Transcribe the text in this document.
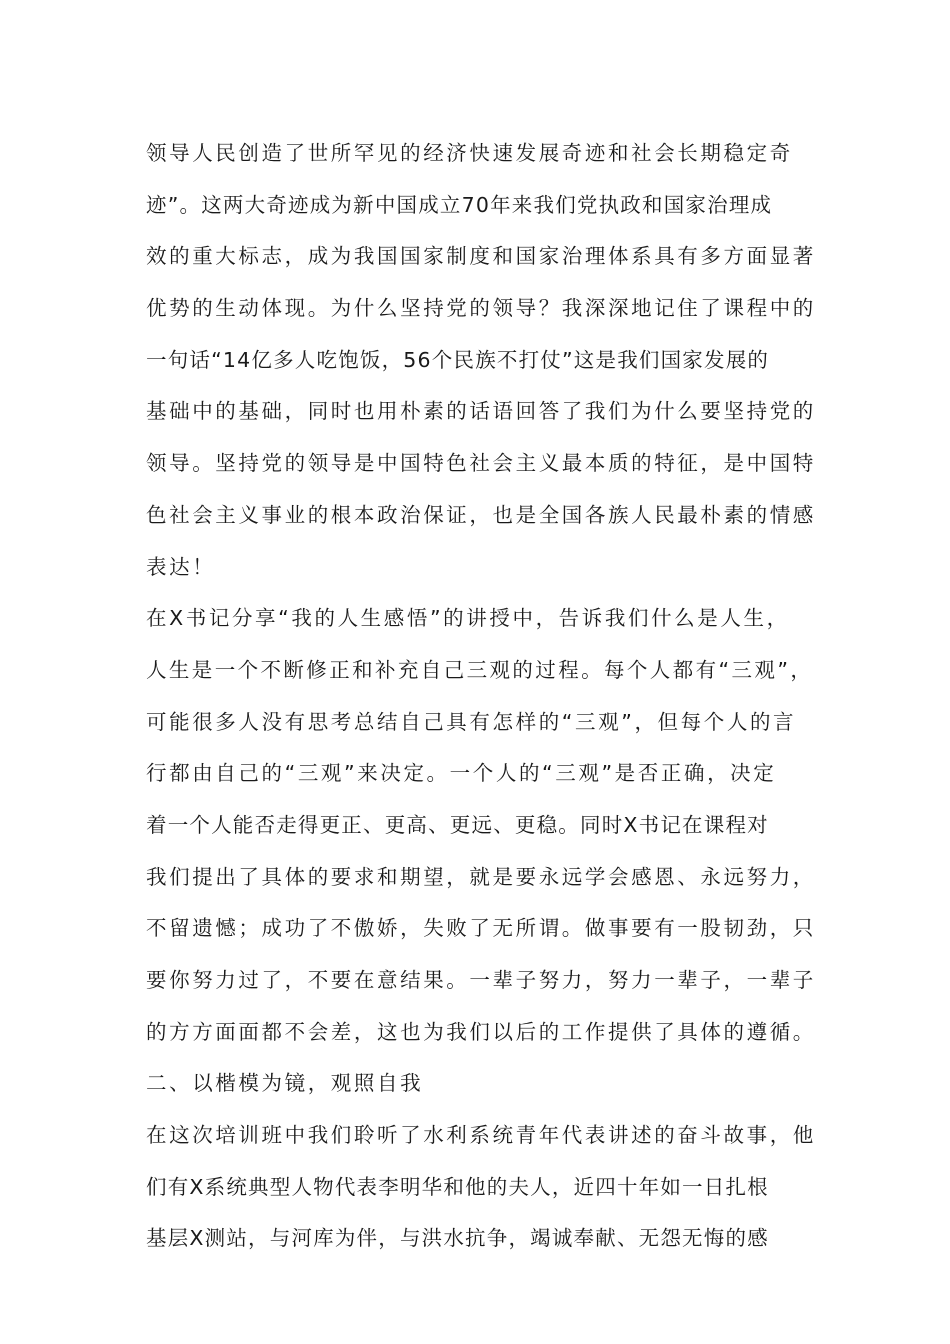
领导人民创造了世所罕见的经济快速发展奇迹和社会长期稳定奇
迹”。这两大奇迹成为新中国成立70年来我们党执政和国家治理成
效的重大标志，成为我国国家制度和国家治理体系具有多方面显著
优势的生动体现。为什么坚持党的领导？我深深地记住了课程中的
一句话“14亿多人吃饱饭，56个民族不打仗”这是我们国家发展的
基础中的基础，同时也用朴素的话语回答了我们为什么要坚持党的
领导。坚持党的领导是中国特色社会主义最本质的特征，是中国特
色社会主义事业的根本政治保证，也是全国各族人民最朴素的情感
表达！
在X书记分享“我的人生感悟”的讲授中，告诉我们什么是人生，
人生是一个不断修正和补充自己三观的过程。每个人都有“三观”，
可能很多人没有思考总结自己具有怎样的“三观”，但每个人的言
行都由自己的“三观”来决定。一个人的“三观”是否正确，决定
着一个人能否走得更正、更高、更远、更稳。同时X书记在课程对
我们提出了具体的要求和期望，就是要永远学会感恩、永远努力，
不留遗憾；成功了不傲娇，失败了无所谓。做事要有一股韧劲，只
要你努力过了，不要在意结果。一辈子努力，努力一辈子，一辈子
的方方面面都不会差，这也为我们以后的工作提供了具体的遵循。
二、以楷模为镜，观照自我
在这次培训班中我们聆听了水利系统青年代表讲述的奋斗故事，他
们有X系统典型人物代表李明华和他的夫人，近四十年如一日扎根
基层X测站，与河库为伴，与洪水抗争，竭诚奉献、无怨无悔的感
